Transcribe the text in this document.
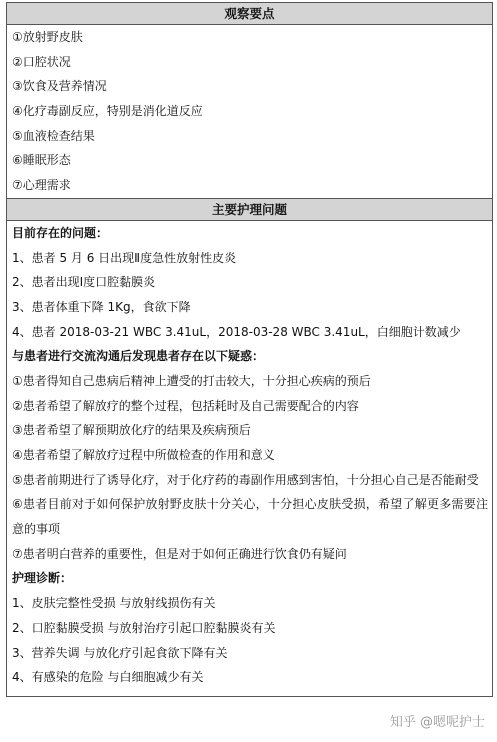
观察要点

①放射野皮肤
②口腔状况
③饮食及营养情况
④化疗毒副反应，特别是消化道反应
⑤血液检查结果
⑥睡眠形态
⑦心理需求

主要护理问题

目前存在的问题：
1、患者 5 月 6 日出现Ⅱ度急性放射性皮炎
2、患者出现Ⅰ度口腔黏膜炎
3、患者体重下降 1Kg，食欲下降
4、患者 2018-03-21 WBC 3.41uL，2018-03-28 WBC 3.41uL，白细胞计数减少
与患者进行交流沟通后发现患者存在以下疑惑：
①患者得知自己患病后精神上遭受的打击较大，十分担心疾病的预后
②患者希望了解放疗的整个过程，包括耗时及自己需要配合的内容
③患者希望了解预期放化疗的结果及疾病预后
④患者希望了解放疗过程中所做检查的作用和意义
⑤患者前期进行了诱导化疗，对于化疗药的毒副作用感到害怕，十分担心自己是否能耐受
⑥患者目前对于如何保护放射野皮肤十分关心，十分担心皮肤受损，希望了解更多需要注意的事项
⑦患者明白营养的重要性，但是对于如何正确进行饮食仍有疑问
护理诊断：
1、皮肤完整性受损 与放射线损伤有关
2、口腔黏膜受损 与放射治疗引起口腔黏膜炎有关
3、营养失调 与放化疗引起食欲下降有关
4、有感染的危险 与白细胞减少有关
知乎 @嗯呢护士
